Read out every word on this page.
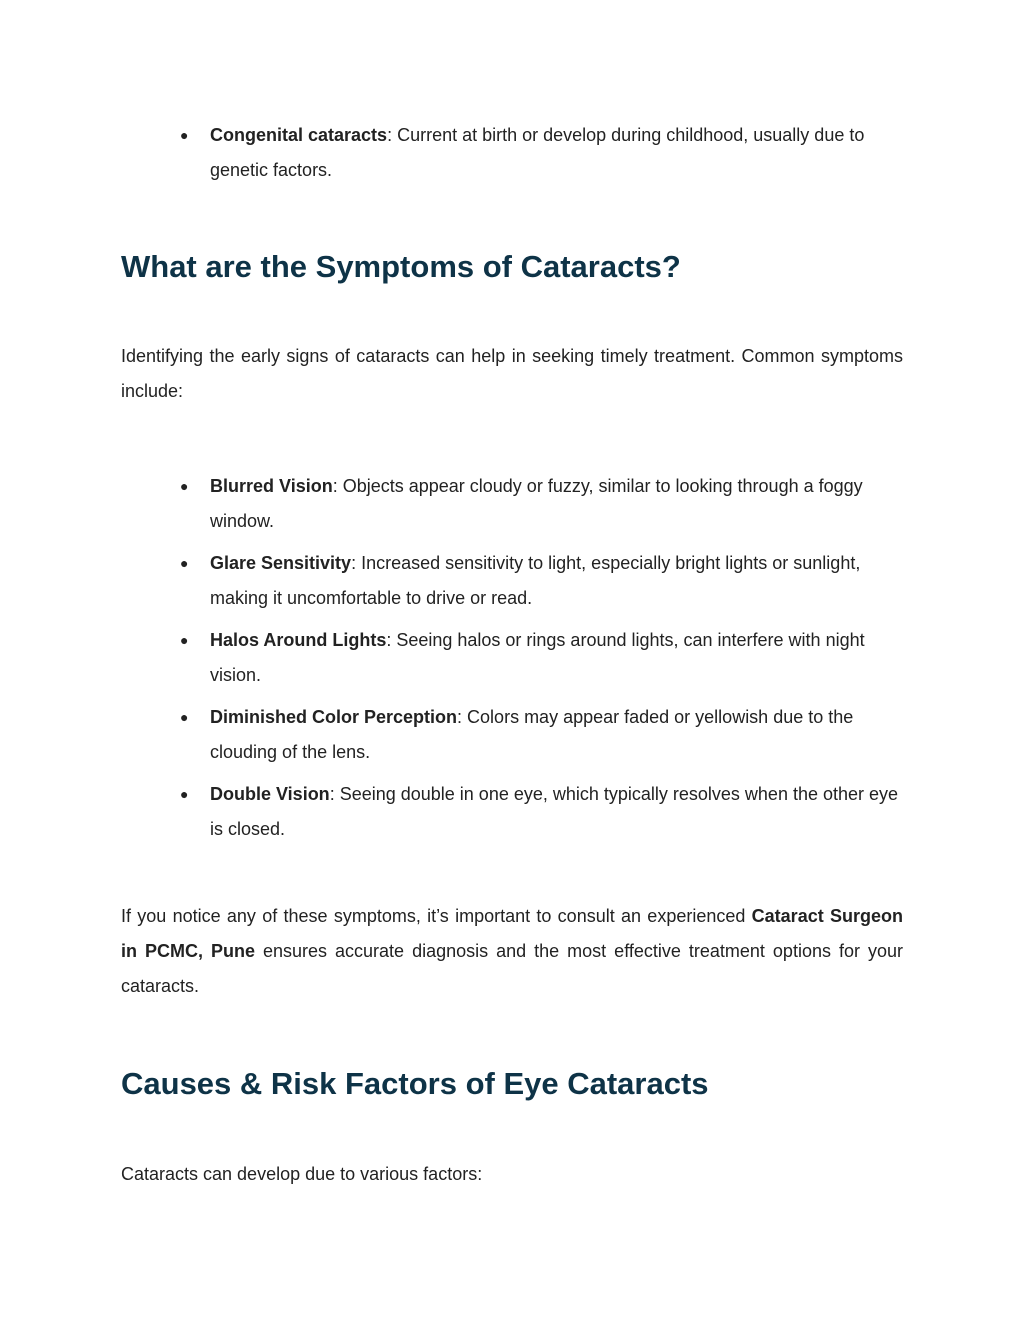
● Congenital cataracts: Current at birth or develop during childhood, usually due to genetic factors.
What are the Symptoms of Cataracts?

Identifying the early signs of cataracts can help in seeking timely treatment. Common symptoms include:

● Blurred Vision: Objects appear cloudy or fuzzy, similar to looking through a foggy window.
● Glare Sensitivity: Increased sensitivity to light, especially bright lights or sunlight, making it uncomfortable to drive or read.
● Halos Around Lights: Seeing halos or rings around lights, can interfere with night vision.
● Diminished Color Perception: Colors may appear faded or yellowish due to the clouding of the lens.
● Double Vision: Seeing double in one eye, which typically resolves when the other eye is closed.

If you notice any of these symptoms, it’s important to consult an experienced Cataract Surgeon in PCMC, Pune ensures accurate diagnosis and the most effective treatment options for your cataracts.

Causes & Risk Factors of Eye Cataracts

Cataracts can develop due to various factors:
